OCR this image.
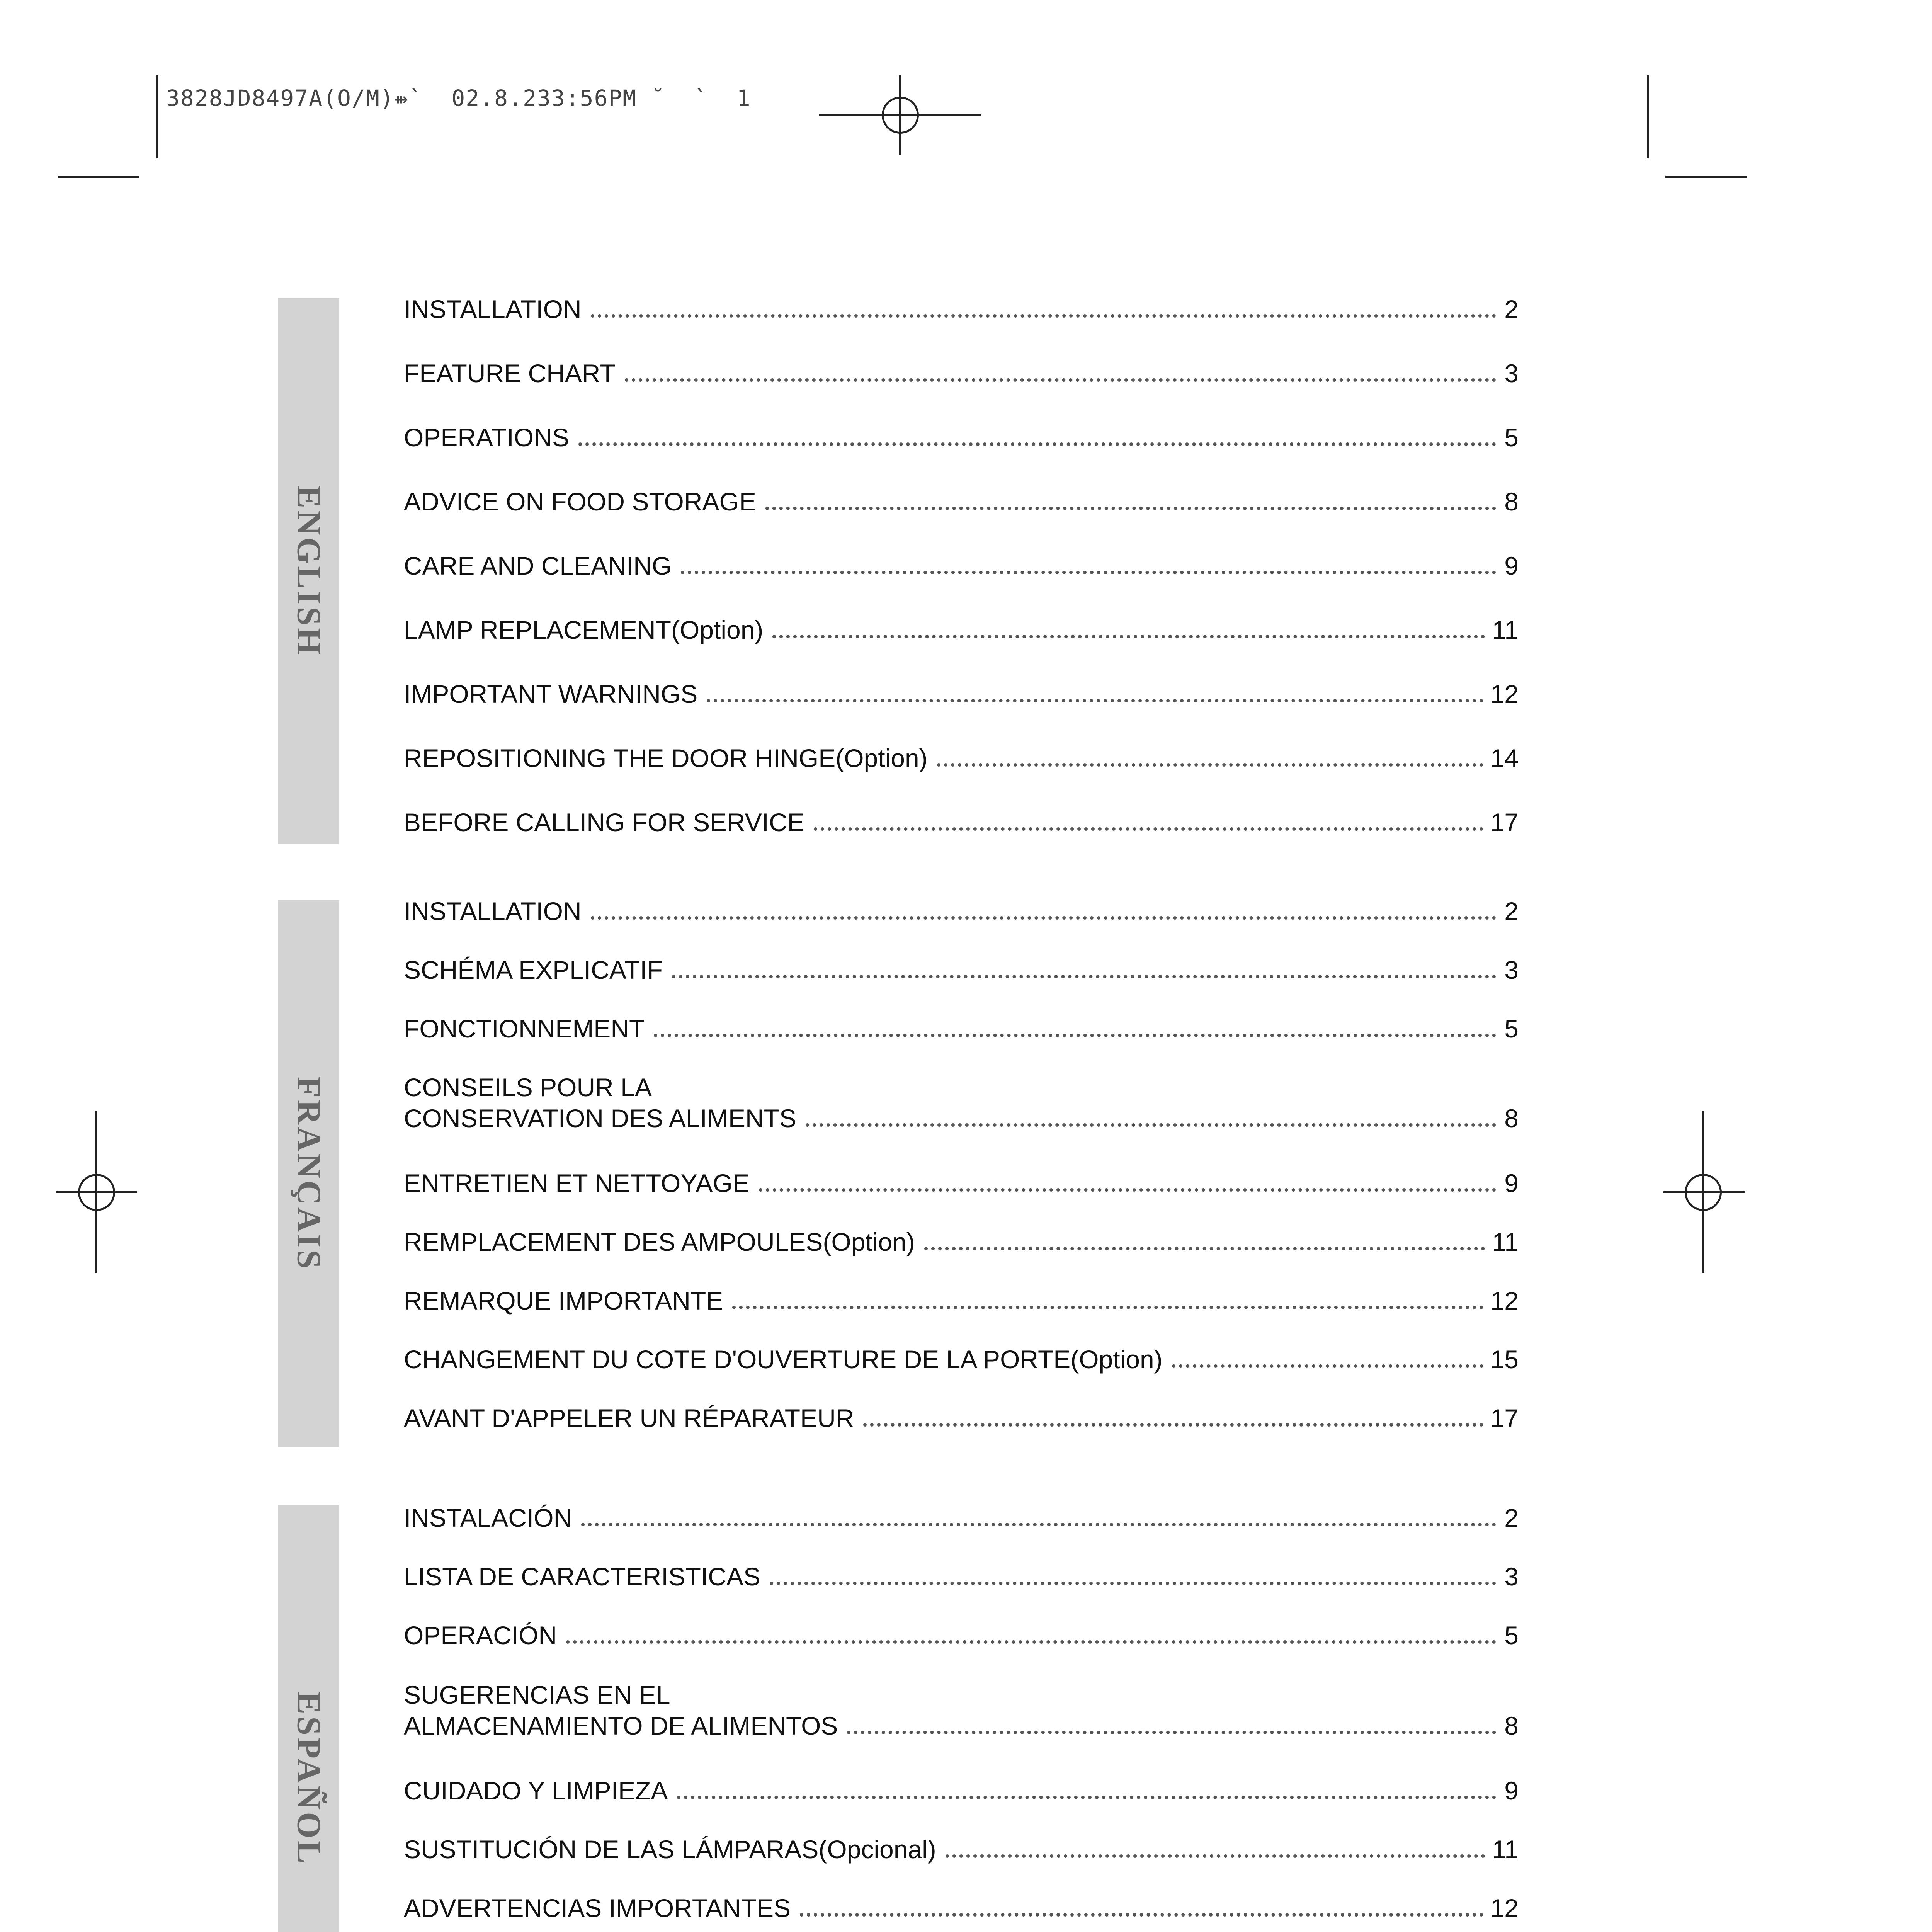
3828JD8497A(O/M)⇻`  02.8.233:56PM ˘  `  1
ENGLISH
FRANÇAIS
ESPAÑOL
INSTALLATION	2
FEATURE CHART	3
OPERATIONS	5
ADVICE ON FOOD STORAGE	8
CARE AND CLEANING	9
LAMP REPLACEMENT(Option)	11
IMPORTANT WARNINGS	12
REPOSITIONING THE DOOR HINGE(Option)	14
BEFORE CALLING FOR SERVICE	17
INSTALLATION	2
SCHÉMA EXPLICATIF	3
FONCTIONNEMENT	5
CONSEILS POUR LA
CONSERVATION DES ALIMENTS	8
ENTRETIEN ET NETTOYAGE	9
REMPLACEMENT DES AMPOULES(Option)	11
REMARQUE IMPORTANTE	12
CHANGEMENT DU COTE D'OUVERTURE DE LA PORTE(Option)	15
AVANT D'APPELER UN RÉPARATEUR	17
INSTALACIÓN	2
LISTA DE CARACTERISTICAS	3
OPERACIÓN	5
SUGERENCIAS EN EL
ALMACENAMIENTO DE ALIMENTOS	8
CUIDADO Y LIMPIEZA	9
SUSTITUCIÓN DE LAS LÁMPARAS(Opcional)	11
ADVERTENCIAS IMPORTANTES	12
